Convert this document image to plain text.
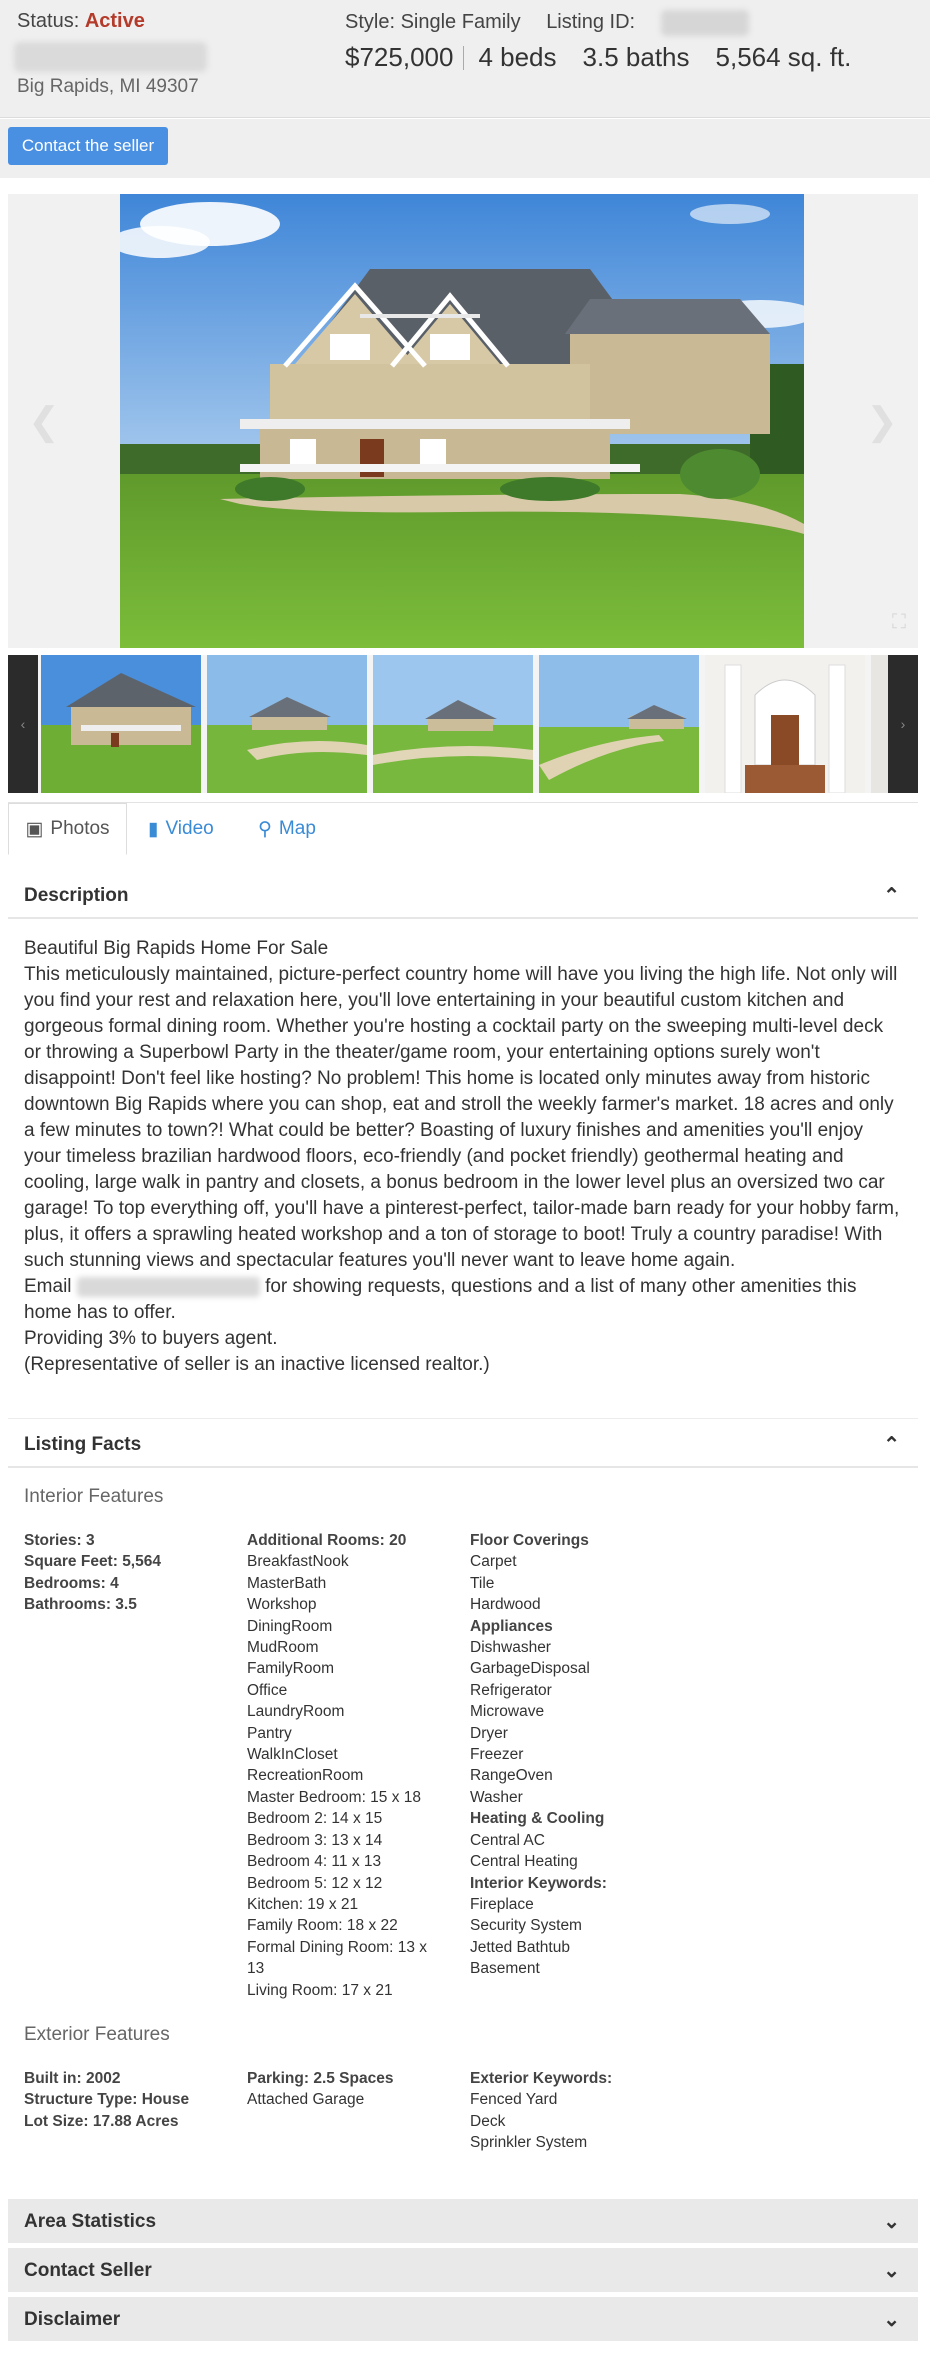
Status: Active
Big Rapids, MI 49307
Style: Single Family Listing ID:
$725,000 4 beds 3.5 baths 5,564 sq. ft.
Contact the seller
❮	❯
⛶
‹	›
▣ Photos ▮ Video ⚲ Map
Description	⌃

Beautiful Big Rapids Home For Sale

This meticulously maintained, picture-perfect country home will have you living the high life. Not only will you find your rest and relaxation here, you'll love entertaining in your beautiful custom kitchen and gorgeous formal dining room. Whether you're hosting a cocktail party on the sweeping multi-level deck or throwing a Superbowl Party in the theater/game room, your entertaining options surely won't disappoint! Don't feel like hosting? No problem! This home is located only minutes away from historic downtown Big Rapids where you can shop, eat and stroll the weekly farmer's market. 18 acres and only a few minutes to town?! What could be better? Boasting of luxury finishes and amenities you'll enjoy your timeless brazilian hardwood floors, eco-friendly (and pocket friendly) geothermal heating and cooling, large walk in pantry and closets, a bonus bedroom in the lower level plus an oversized two car garage! To top everything off, you'll have a pinterest-perfect, tailor-made barn ready for your hobby farm, plus, it offers a sprawling heated workshop and a ton of storage to boot! Truly a country paradise! With such stunning views and spectacular features you'll never want to leave home again.

Email	for showing requests, questions and a list of many other amenities this home has to offer.

Providing 3% to buyers agent.

(Representative of seller is an inactive licensed realtor.)

Listing Facts	⌃
Interior Features
Stories: 3
Square Feet: 5,564
Bedrooms: 4
Bathrooms: 3.5
Additional Rooms: 20
BreakfastNook
MasterBath
Workshop
DiningRoom
MudRoom
FamilyRoom
Office
LaundryRoom
Pantry
WalkInCloset
RecreationRoom
Master Bedroom: 15 x 18
Bedroom 2: 14 x 15
Bedroom 3: 13 x 14
Bedroom 4: 11 x 13
Bedroom 5: 12 x 12
Kitchen: 19 x 21
Family Room: 18 x 22
Formal Dining Room: 13 x
13
Living Room: 17 x 21
Floor Coverings
Carpet
Tile
Hardwood
Appliances
Dishwasher
GarbageDisposal
Refrigerator
Microwave
Dryer
Freezer
RangeOven
Washer
Heating & Cooling
Central AC
Central Heating
Interior Keywords:
Fireplace
Security System
Jetted Bathtub
Basement
Exterior Features
Built in: 2002
Structure Type: House
Lot Size: 17.88 Acres
Parking: 2.5 Spaces
Attached Garage
Exterior Keywords:
Fenced Yard
Deck
Sprinkler System
Area Statistics	⌄
Contact Seller	⌄
Disclaimer	⌄
